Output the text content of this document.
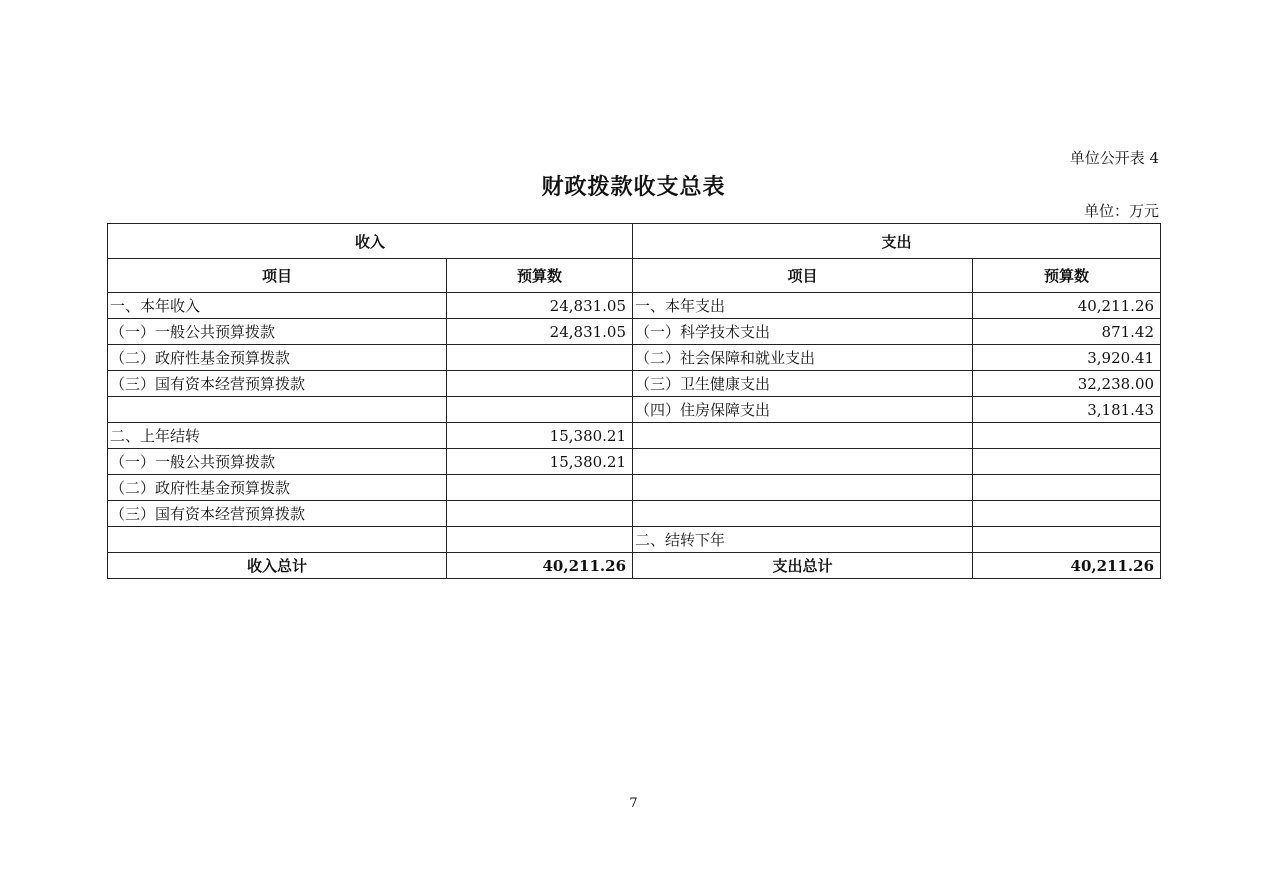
单位公开表 4
财政拨款收支总表
单位：万元
收入		支出	
项目	预算数	项目	预算数
一、本年收入	24,831.05	一、本年支出	40,211.26
（一）一般公共预算拨款	24,831.05	（一）科学技术支出	871.42
（二）政府性基金预算拨款		（二）社会保障和就业支出	3,920.41
（三）国有资本经营预算拨款		（三）卫生健康支出	32,238.00
		（四）住房保障支出	3,181.43
二、上年结转	15,380.21		
（一）一般公共预算拨款	15,380.21		
（二）政府性基金预算拨款			
（三）国有资本经营预算拨款			
		二、结转下年	
收入总计	40,211.26	支出总计	40,211.26
7
